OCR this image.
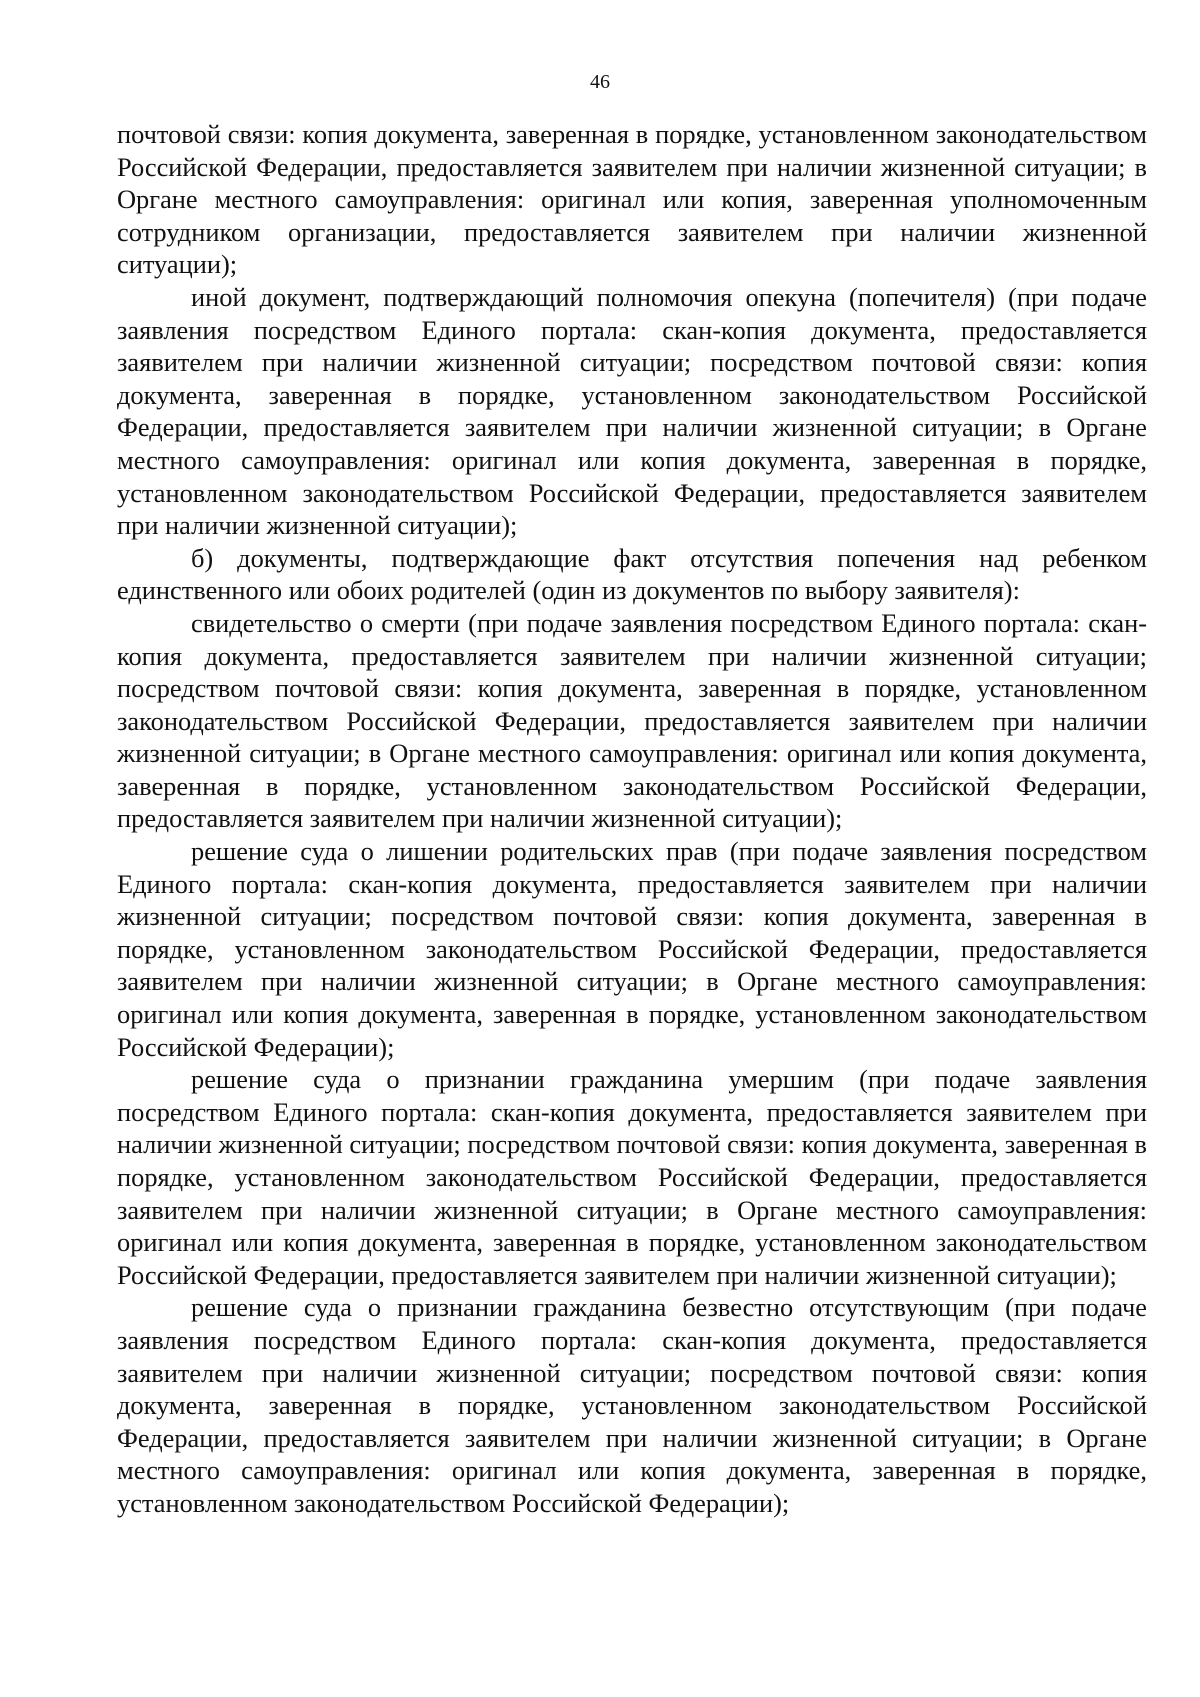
46

почтовой связи: копия документа, заверенная в порядке, установленном законодательством Российской Федерации, предоставляется заявителем при наличии жизненной ситуации; в Органе местного самоуправления: оригинал или копия, заверенная уполномоченным сотрудником организации, предоставляется заявителем при наличии жизненной ситуации);

иной документ, подтверждающий полномочия опекуна (попечителя) (при подаче заявления посредством Единого портала: скан-копия документа, предоставляется заявителем при наличии жизненной ситуации; посредством почтовой связи: копия документа, заверенная в порядке, установленном законодательством Российской Федерации, предоставляется заявителем при наличии жизненной ситуации; в Органе местного самоуправления: оригинал или копия документа, заверенная в порядке, установленном законодательством Российской Федерации, предоставляется заявителем при наличии жизненной ситуации);

б) документы, подтверждающие факт отсутствия попечения над ребенком единственного или обоих родителей (один из документов по выбору заявителя):

свидетельство о смерти (при подаче заявления посредством Единого портала: скан-копия документа, предоставляется заявителем при наличии жизненной ситуации; посредством почтовой связи: копия документа, заверенная в порядке, установленном законодательством Российской Федерации, предоставляется заявителем при наличии жизненной ситуации; в Органе местного самоуправления: оригинал или копия документа, заверенная в порядке, установленном законодательством Российской Федерации, предоставляется заявителем при наличии жизненной ситуации);

решение суда о лишении родительских прав (при подаче заявления посредством Единого портала: скан-копия документа, предоставляется заявителем при наличии жизненной ситуации; посредством почтовой связи: копия документа, заверенная в порядке, установленном законодательством Российской Федерации, предоставляется заявителем при наличии жизненной ситуации; в Органе местного самоуправления: оригинал или копия документа, заверенная в порядке, установленном законодательством Российской Федерации);

решение суда о признании гражданина умершим (при подаче заявления посредством Единого портала: скан-копия документа, предоставляется заявителем при наличии жизненной ситуации; посредством почтовой связи: копия документа, заверенная в порядке, установленном законодательством Российской Федерации, предоставляется заявителем при наличии жизненной ситуации; в Органе местного самоуправления: оригинал или копия документа, заверенная в порядке, установленном законодательством Российской Федерации, предоставляется заявителем при наличии жизненной ситуации);

решение суда о признании гражданина безвестно отсутствующим (при подаче заявления посредством Единого портала: скан-копия документа, предоставляется заявителем при наличии жизненной ситуации; посредством почтовой связи: копия документа, заверенная в порядке, установленном законодательством Российской Федерации, предоставляется заявителем при наличии жизненной ситуации; в Органе местного самоуправления: оригинал или копия документа, заверенная в порядке, установленном законодательством Российской Федерации);
